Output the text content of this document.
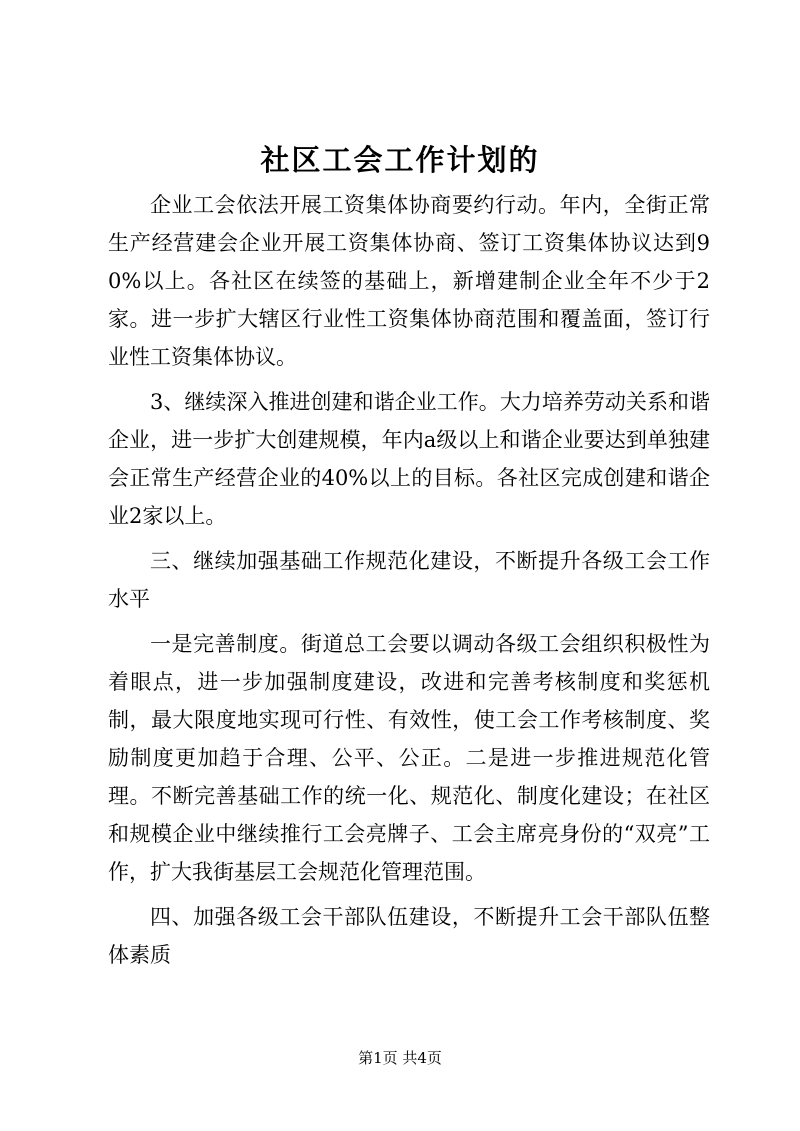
社区工会工作计划的

企业工会依法开展工资集体协商要约行动。年内，全街正常生产经营建会企业开展工资集体协商、签订工资集体协议达到90%以上。各社区在续签的基础上，新增建制企业全年不少于2家。进一步扩大辖区行业性工资集体协商范围和覆盖面，签订行业性工资集体协议。

3、继续深入推进创建和谐企业工作。大力培养劳动关系和谐企业，进一步扩大创建规模，年内a级以上和谐企业要达到单独建会正常生产经营企业的40%以上的目标。各社区完成创建和谐企业2家以上。

三、继续加强基础工作规范化建设，不断提升各级工会工作水平

一是完善制度。街道总工会要以调动各级工会组织积极性为着眼点，进一步加强制度建设，改进和完善考核制度和奖惩机制，最大限度地实现可行性、有效性，使工会工作考核制度、奖励制度更加趋于合理、公平、公正。二是进一步推进规范化管理。不断完善基础工作的统一化、规范化、制度化建设；在社区和规模企业中继续推行工会亮牌子、工会主席亮身份的“双亮”工作，扩大我街基层工会规范化管理范围。

四、加强各级工会干部队伍建设，不断提升工会干部队伍整体素质

第1页 共4页
